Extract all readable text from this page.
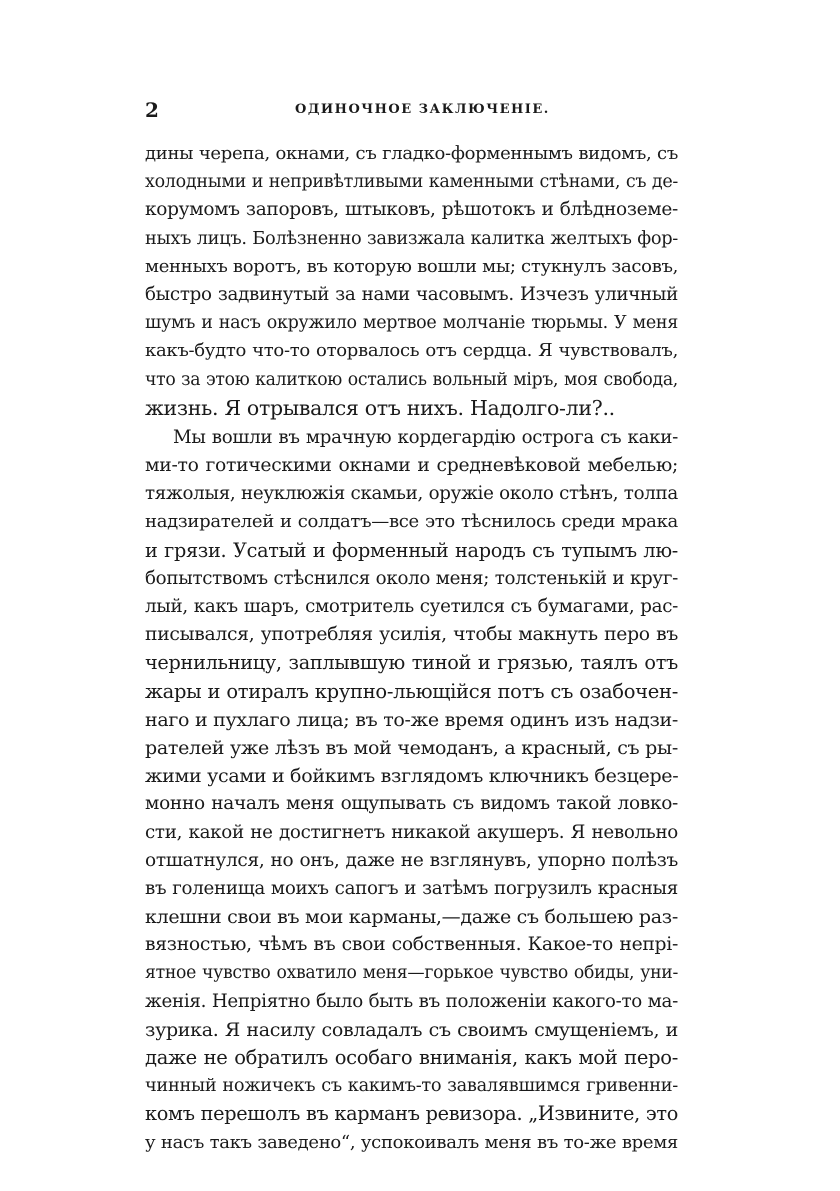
2	ОДИНОЧНОЕ ЗАКЛЮЧЕНІЕ.
дины черепа, окнами, съ гладко-форменнымъ видомъ, съ
холодными и непривѣтливыми каменными стѣнами, съ де-
корумомъ запоровъ, штыковъ, рѣшотокъ и блѣдноземе-
ныхъ лицъ. Болѣзненно завизжала калитка желтыхъ фор-
менныхъ воротъ, въ которую вошли мы; стукнулъ засовъ,
быстро задвинутый за нами часовымъ. Изчезъ уличный
шумъ и насъ окружило мертвое молчаніе тюрьмы. У меня
какъ-будто что-то оторвалось отъ сердца. Я чувствовалъ,
что за этою калиткою остались вольный міръ, моя свобода,
жизнь. Я отрывался отъ нихъ. Надолго-ли?..
Мы вошли въ мрачную кордегардію острога съ каки-
ми-то готическими окнами и средневѣковой мебелью;
тяжолыя, неуклюжія скамьи, оружіе около стѣнъ, толпа
надзирателей и солдатъ—все это тѣснилось среди мрака
и грязи. Усатый и форменный народъ съ тупымъ лю-
бопытствомъ стѣснился около меня; толстенькій и круг-
лый, какъ шаръ, смотритель суетился съ бумагами, рас-
писывался, употребляя усилія, чтобы макнуть перо въ
чернильницу, заплывшую тиной и грязью, таялъ отъ
жары и отиралъ крупно-льющійся потъ съ озабочен-
наго и пухлаго лица; въ то-же время одинъ изъ надзи-
рателей уже лѣзъ въ мой чемоданъ, а красный, съ ры-
жими усами и бойкимъ взглядомъ ключникъ безцере-
монно началъ меня ощупывать съ видомъ такой ловко-
сти, какой не достигнетъ никакой акушеръ. Я невольно
отшатнулся, но онъ, даже не взглянувъ, упорно полѣзъ
въ голенища моихъ сапогъ и затѣмъ погрузилъ красныя
клешни свои въ мои карманы,—даже съ большею раз-
вязностью, чѣмъ въ свои собственныя. Какое-то непрі-
ятное чувство охватило меня—горькое чувство обиды, уни-
женія. Непріятно было быть въ положеніи какого-то ма-
зурика. Я насилу совладалъ съ своимъ смущеніемъ, и
даже не обратилъ особаго вниманія, какъ мой перо-
чинный ножичекъ съ какимъ-то завалявшимся гривенни-
комъ перешолъ въ карманъ ревизора. „Извините, это
у насъ такъ заведено“, успокоивалъ меня въ то-же время
